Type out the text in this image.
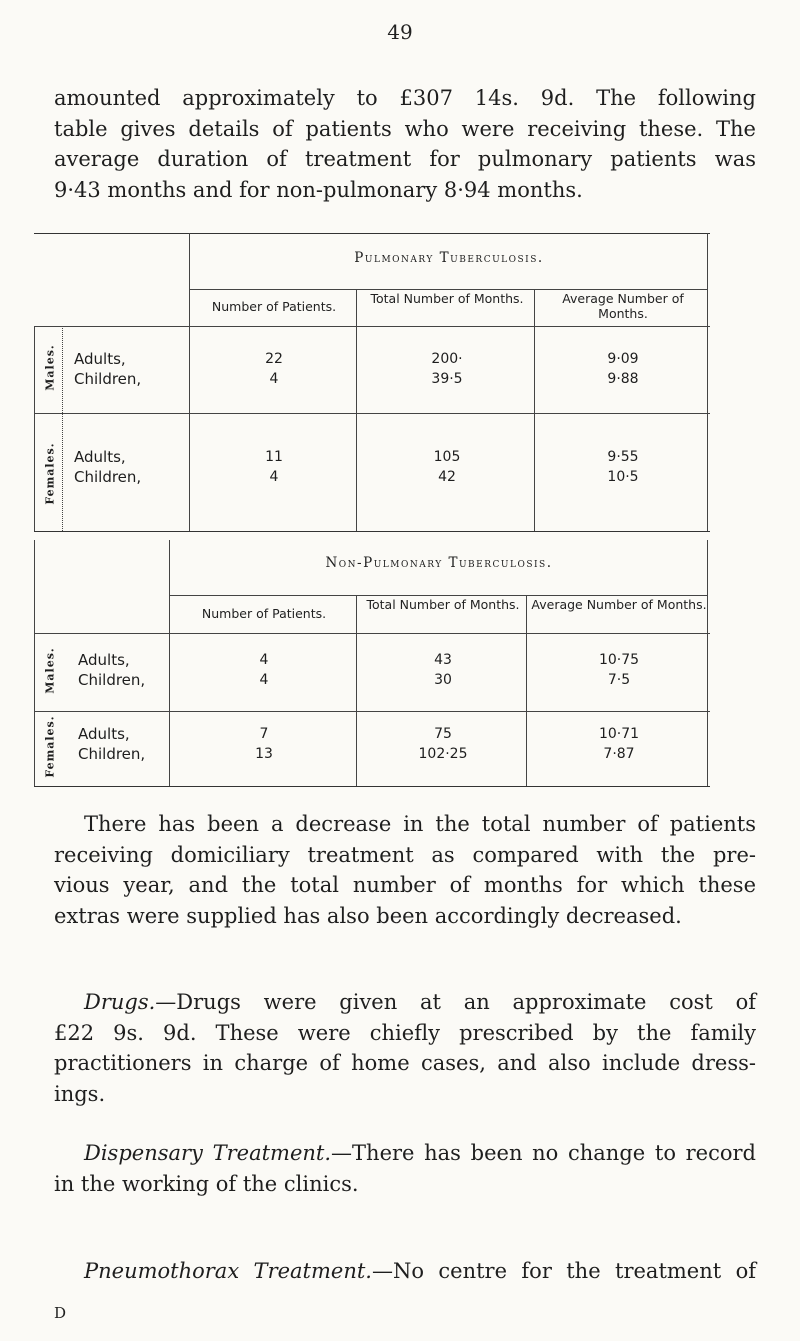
49
amounted approximately to £307 14s. 9d. The following
table gives details of patients who were receiving these. The
average duration of treatment for pulmonary patients was
9·43 months and for non-pulmonary 8·94 months.
Pulmonary Tuberculosis.
Number of Patients.
Total Number of Months.	Average Number of Months.
Males.
Females.
Adults,
Children,
22
4
200·
39·5
9·09
9·88
Adults,
Children,
11
4
105
42
9·55
10·5
Non-Pulmonary Tuberculosis.
Number of Patients.
Total Number of Months. Average Number of Months.
Males.
Females.
Adults,
Children,
4
4
43
30
10·75
7·5
Adults,
Children,
7
13
75
102·25
10·71
7·87
There has been a decrease in the total number of patients
receiving domiciliary treatment as compared with the pre-
vious year, and the total number of months for which these
extras were supplied has also been accordingly decreased.
Drugs.—Drugs were given at an approximate cost of
£22 9s. 9d. These were chiefly prescribed by the family
practitioners in charge of home cases, and also include dress-
ings.
Dispensary Treatment.—There has been no change to record
in the working of the clinics.
Pneumothorax Treatment.—No centre for the treatment of
D
